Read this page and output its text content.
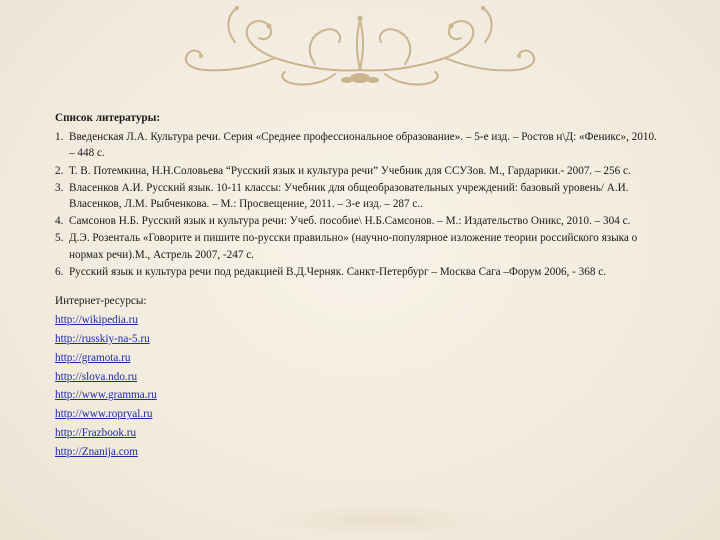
Список литературы:
1. Введенская Л.А. Культура речи. Серия «Среднее профессиональное образование». – 5-е изд. – Ростов н\Д: «Феникс», 2010. – 448 с.
2. Т. В. Потемкина, Н.Н.Соловьева “Русский язык и культура речи” Учебник для ССУЗов. М., Гардарики.- 2007. – 256 с.
3. Власенков А.И. Русский язык. 10-11 классы: Учебник для общеобразовательных учреждений: базовый уровень/ А.И. Власенков, Л.М. Рыбченкова. – М.: Просвещение, 2011. – 3-е изд. – 287 с..
4. Самсонов Н.Б. Русский язык и культура речи: Учеб. пособие\ Н.Б.Самсонов. – М.: Издательство Оникс, 2010. – 304 с.
5. Д.Э. Розенталь «Говорите и пишите по-русски правильно» (научно-популярное изложение теории российского языка о нормах речи).М., Астрель 2007, -247 с.
6. Русский язык и культура речи под редакцией В.Д.Черняк. Санкт-Петербург – Москва Сага –Форум 2006, - 368 с.
Интернет-ресурсы:
http://wikipedia.ru
http://russkiy-na-5.ru
http://gramota.ru
http://slova.ndo.ru
http://www.gramma.ru
http://www.ropryal.ru
http://Frazbook.ru
http://Znanija.com
